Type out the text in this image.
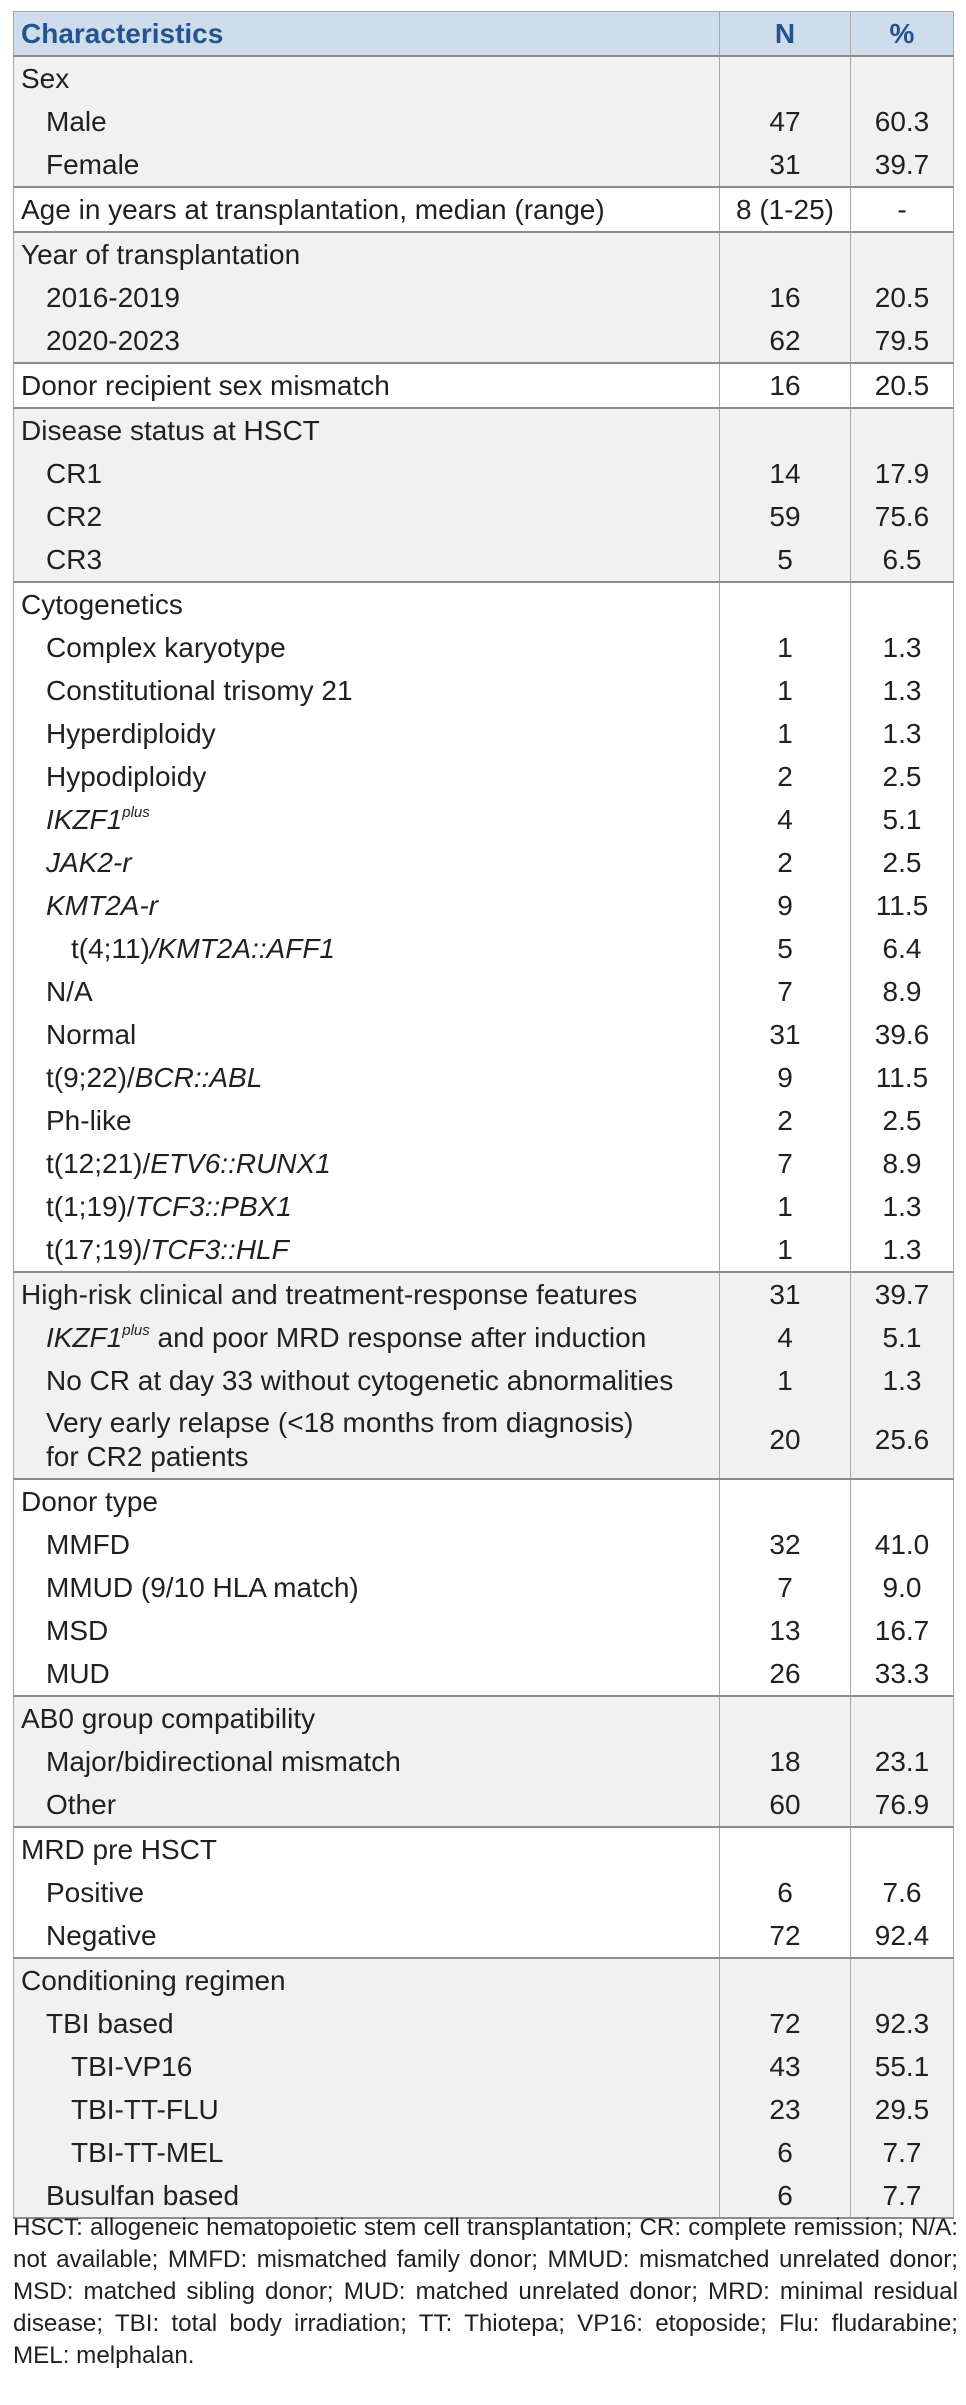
Characteristics	N	%
Sex		
Male	47	60.3
Female	31	39.7
Age in years at transplantation, median (range)	8 (1-25)	-
Year of transplantation		
2016-2019	16	20.5
2020-2023	62	79.5
Donor recipient sex mismatch	16	20.5
Disease status at HSCT		
CR1	14	17.9
CR2	59	75.6
CR3	5	6.5
Cytogenetics		
Complex karyotype	1	1.3
Constitutional trisomy 21	1	1.3
Hyperdiploidy	1	1.3
Hypodiploidy	2	2.5
$IKZF1^{plus}$	4	5.1
JAK2-r	2	2.5
KMT2A-r	9	11.5
t(4;11)/KMT2A::AFF1	5	6.4
N/A	7	8.9
Normal	31	39.6
t(9;22)/BCR::ABL	9	11.5
Ph-like	2	2.5
t(12;21)/ETV6::RUNX1	7	8.9
t(1;19)/TCF3::PBX1	1	1.3
t(17;19)/TCF3::HLF	1	1.3
High-risk clinical and treatment-response features	31	39.7
$IKZF1^{plus}$ and poor MRD response after induction	4	5.1
No CR at day 33 without cytogenetic abnormalities	1	1.3
Very early relapse (<18 months from diagnosis)
for CR2 patients	20	25.6
Donor type		
MMFD	32	41.0
MMUD (9/10 HLA match)	7	9.0
MSD	13	16.7
MUD	26	33.3
AB0 group compatibility		
Major/bidirectional mismatch	18	23.1
Other	60	76.9
MRD pre HSCT		
Positive	6	7.6
Negative	72	92.4
Conditioning regimen		
TBI based	72	92.3
TBI-VP16	43	55.1
TBI-TT-FLU	23	29.5
TBI-TT-MEL	6	7.7
Busulfan based	6	7.7
HSCT: allogeneic hematopoietic stem cell transplantation; CR: complete remission; N/A: not available; MMFD: mismatched family donor; MMUD: mismatched unrelated donor; MSD: matched sibling donor; MUD: matched unrelated donor; MRD: minimal residual disease; TBI: total body irradiation; TT: Thiotepa; VP16: etoposide; Flu: fludarabine; MEL: melphalan.
